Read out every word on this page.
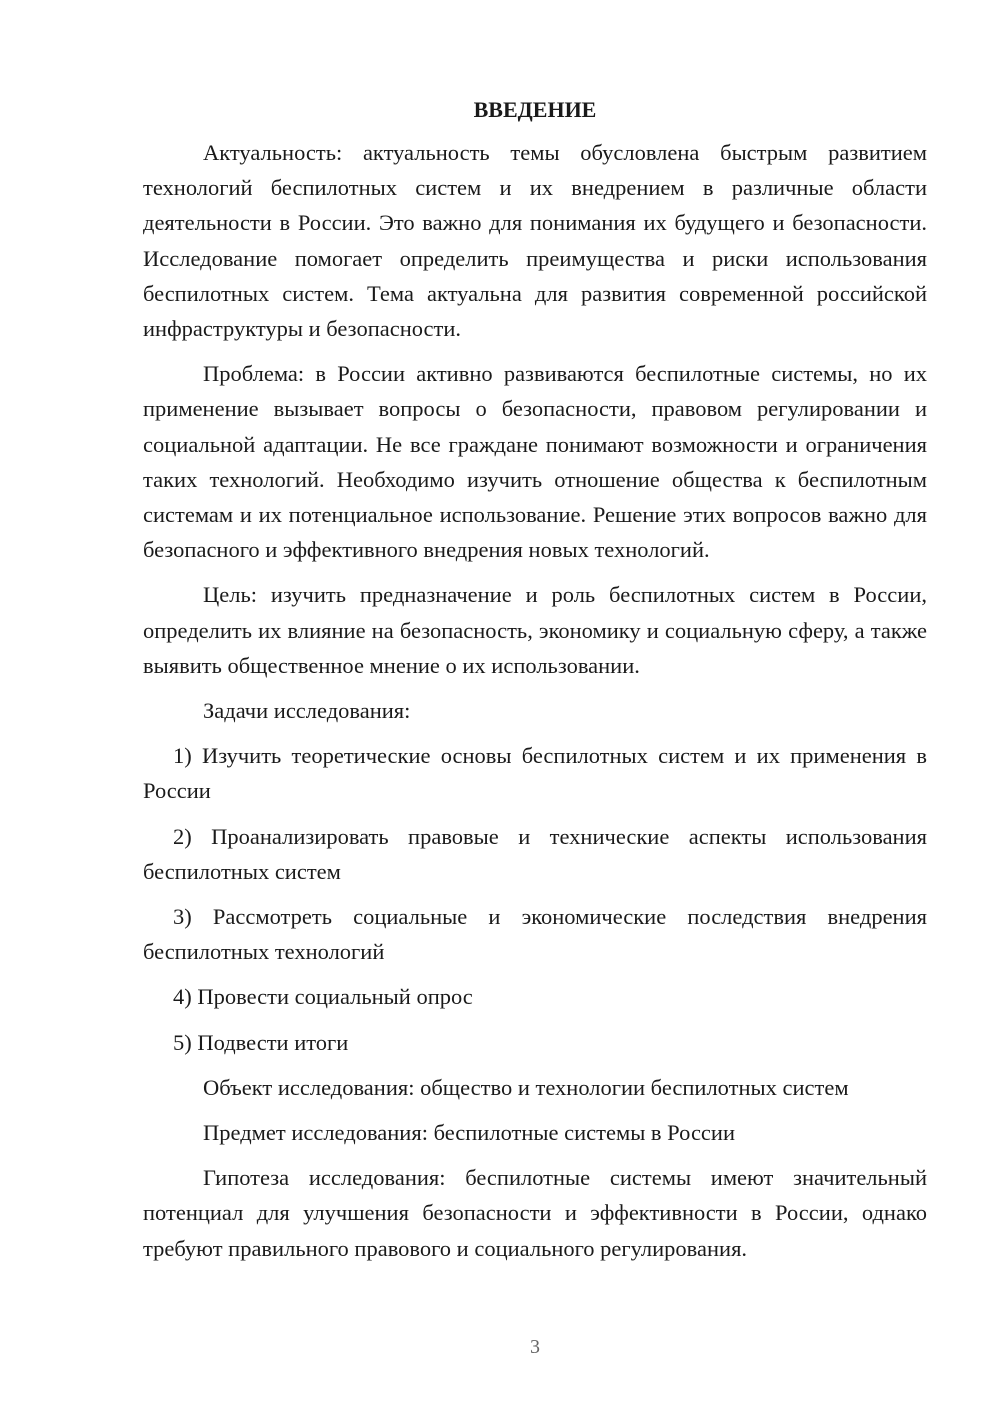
ВВЕДЕНИЕ

Актуальность: актуальность темы обусловлена быстрым развитием технологий беспилотных систем и их внедрением в различные области деятельности в России. Это важно для понимания их будущего и безопасности. Исследование помогает определить преимущества и риски использования беспилотных систем. Тема актуальна для развития современной российской инфраструктуры и безопасности.

Проблема: в России активно развиваются беспилотные системы, но их применение вызывает вопросы о безопасности, правовом регулировании и социальной адаптации. Не все граждане понимают возможности и ограничения таких технологий. Необходимо изучить отношение общества к беспилотным системам и их потенциальное использование. Решение этих вопросов важно для безопасного и эффективного внедрения новых технологий.

Цель: изучить предназначение и роль беспилотных систем в России, определить их влияние на безопасность, экономику и социальную сферу, а также выявить общественное мнение о их использовании.

Задачи исследования:

1) Изучить теоретические основы беспилотных систем и их применения в России

2) Проанализировать правовые и технические аспекты использования беспилотных систем

3) Рассмотреть социальные и экономические последствия внедрения беспилотных технологий

4) Провести социальный опрос

5) Подвести итоги

Объект исследования: общество и технологии беспилотных систем

Предмет исследования: беспилотные системы в России

Гипотеза исследования: беспилотные системы имеют значительный потенциал для улучшения безопасности и эффективности в России, однако требуют правильного правового и социального регулирования.

3
